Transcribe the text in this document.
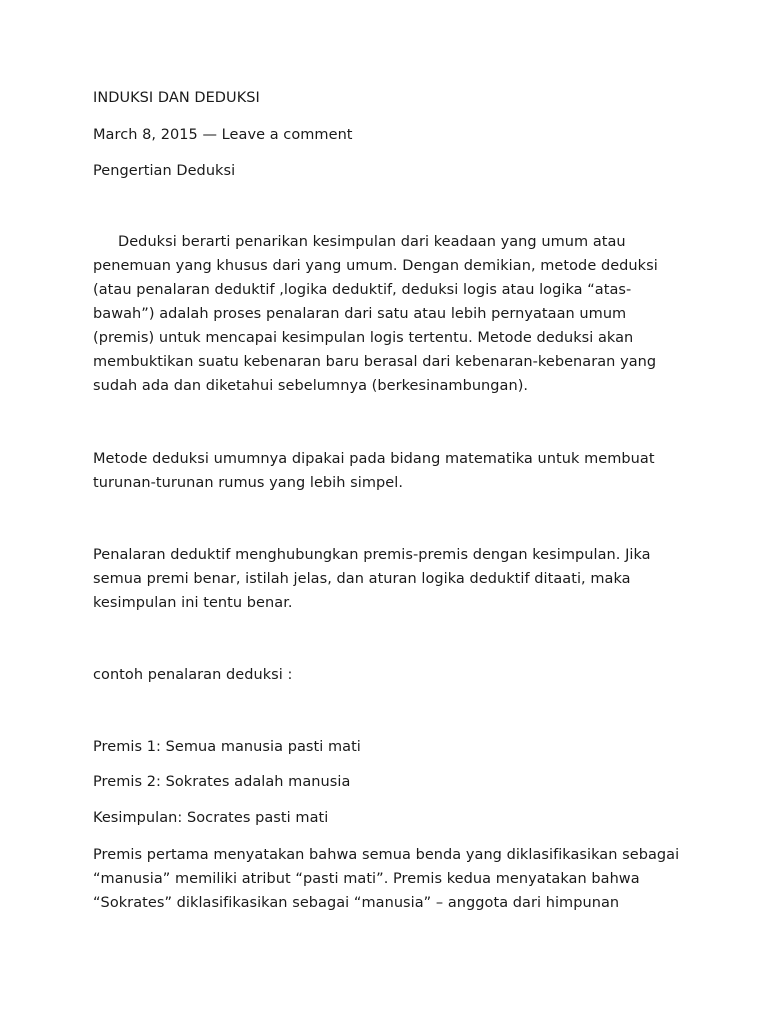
INDUKSI DAN DEDUKSI

March 8, 2015 — Leave a comment

Pengertian Deduksi

Deduksi berarti penarikan kesimpulan dari keadaan yang umum atau

penemuan yang khusus dari yang umum. Dengan demikian, metode deduksi

(atau penalaran deduktif ,logika deduktif, deduksi logis atau logika “atas-

bawah”) adalah proses penalaran dari satu atau lebih pernyataan umum

(premis) untuk mencapai kesimpulan logis tertentu. Metode deduksi akan

membuktikan suatu kebenaran baru berasal dari kebenaran-kebenaran yang

sudah ada dan diketahui sebelumnya (berkesinambungan).

Metode deduksi umumnya dipakai pada bidang matematika untuk membuat

turunan-turunan rumus yang lebih simpel.

Penalaran deduktif menghubungkan premis-premis dengan kesimpulan. Jika

semua premi benar, istilah jelas, dan aturan logika deduktif ditaati, maka

kesimpulan ini tentu benar.

contoh penalaran deduksi :

Premis 1: Semua manusia pasti mati

Premis 2: Sokrates adalah manusia

Kesimpulan: Socrates pasti mati

Premis pertama menyatakan bahwa semua benda yang diklasifikasikan sebagai

“manusia” memiliki atribut “pasti mati”. Premis kedua menyatakan bahwa

“Sokrates” diklasifikasikan sebagai “manusia” – anggota dari himpunan
